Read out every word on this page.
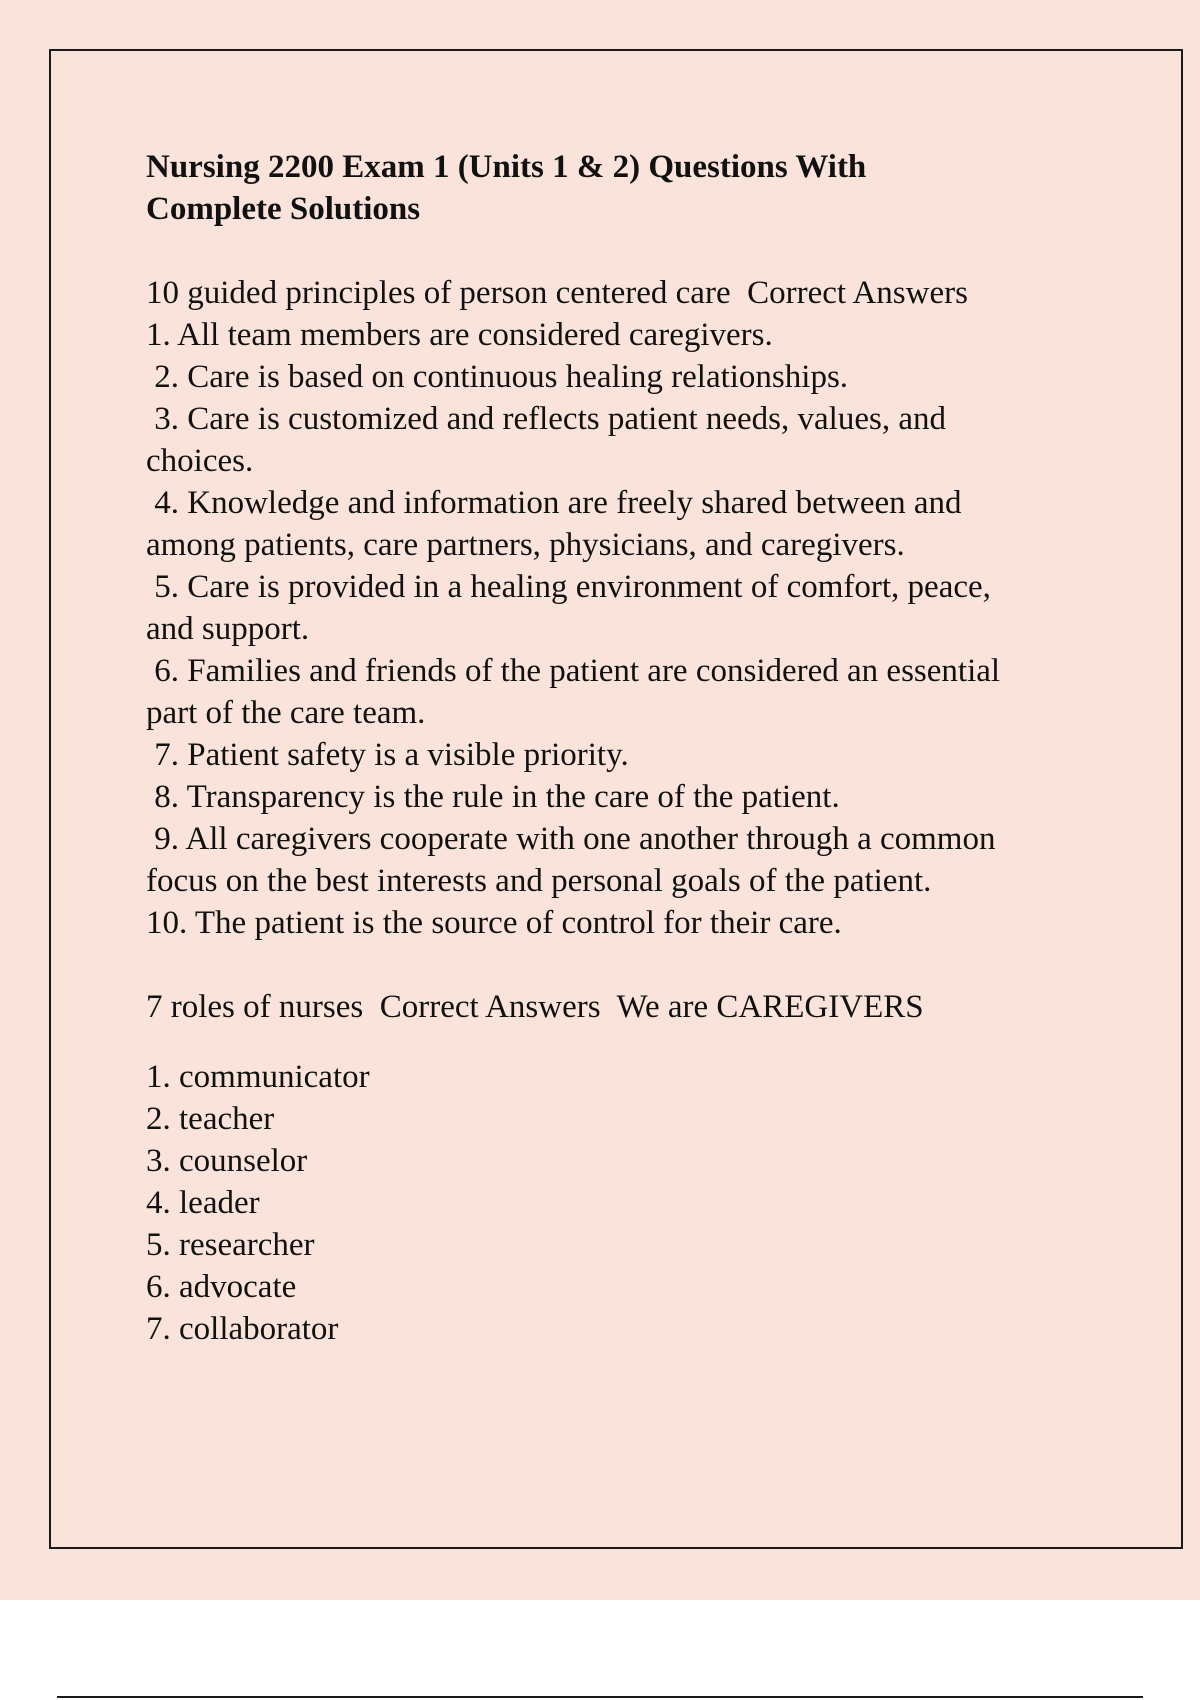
Nursing 2200 Exam 1 (Units 1 & 2) Questions With
Complete Solutions
10 guided principles of person centered care  Correct Answers
1. All team members are considered caregivers.
2. Care is based on continuous healing relationships.
3. Care is customized and reflects patient needs, values, and
choices.
4. Knowledge and information are freely shared between and
among patients, care partners, physicians, and caregivers.
5. Care is provided in a healing environment of comfort, peace,
and support.
6. Families and friends of the patient are considered an essential
part of the care team.
7. Patient safety is a visible priority.
8. Transparency is the rule in the care of the patient.
9. All caregivers cooperate with one another through a common
focus on the best interests and personal goals of the patient.
10. The patient is the source of control for their care.
7 roles of nurses  Correct Answers  We are CAREGIVERS
1. communicator
2. teacher
3. counselor
4. leader
5. researcher
6. advocate
7. collaborator
